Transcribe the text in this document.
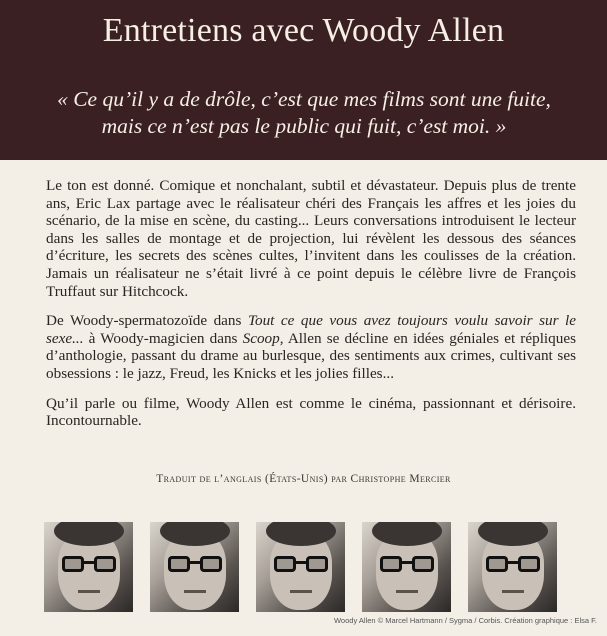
Entretiens avec Woody Allen
« Ce qu’il y a de drôle, c’est que mes films sont une fuite,
mais ce n’est pas le public qui fuit, c’est moi. »

Le ton est donné. Comique et nonchalant, subtil et dévastateur. Depuis plus de trente ans, Eric Lax partage avec le réalisateur chéri des Français les affres et les joies du scénario, de la mise en scène, du casting... Leurs conversations introduisent le lecteur dans les salles de montage et de projection, lui révèlent les dessous des séances d’écriture, les secrets des scènes cultes, l’invitent dans les coulisses de la création. Jamais un réalisateur ne s’était livré à ce point depuis le célèbre livre de François Truffaut sur Hitchcock.

De Woody-spermatozoïde dans Tout ce que vous avez toujours voulu savoir sur le sexe... à Woody-magicien dans Scoop, Allen se décline en idées géniales et répliques d’anthologie, passant du drame au burlesque, des sentiments aux crimes, cultivant ses obsessions : le jazz, Freud, les Knicks et les jolies filles...

Qu’il parle ou filme, Woody Allen est comme le cinéma, passionnant et dérisoire. Incontournable.

Traduit de l’anglais (États-Unis) par Christophe Mercier
Woody Allen © Marcel Hartmann / Sygma / Corbis. Création graphique : Elsa F.
